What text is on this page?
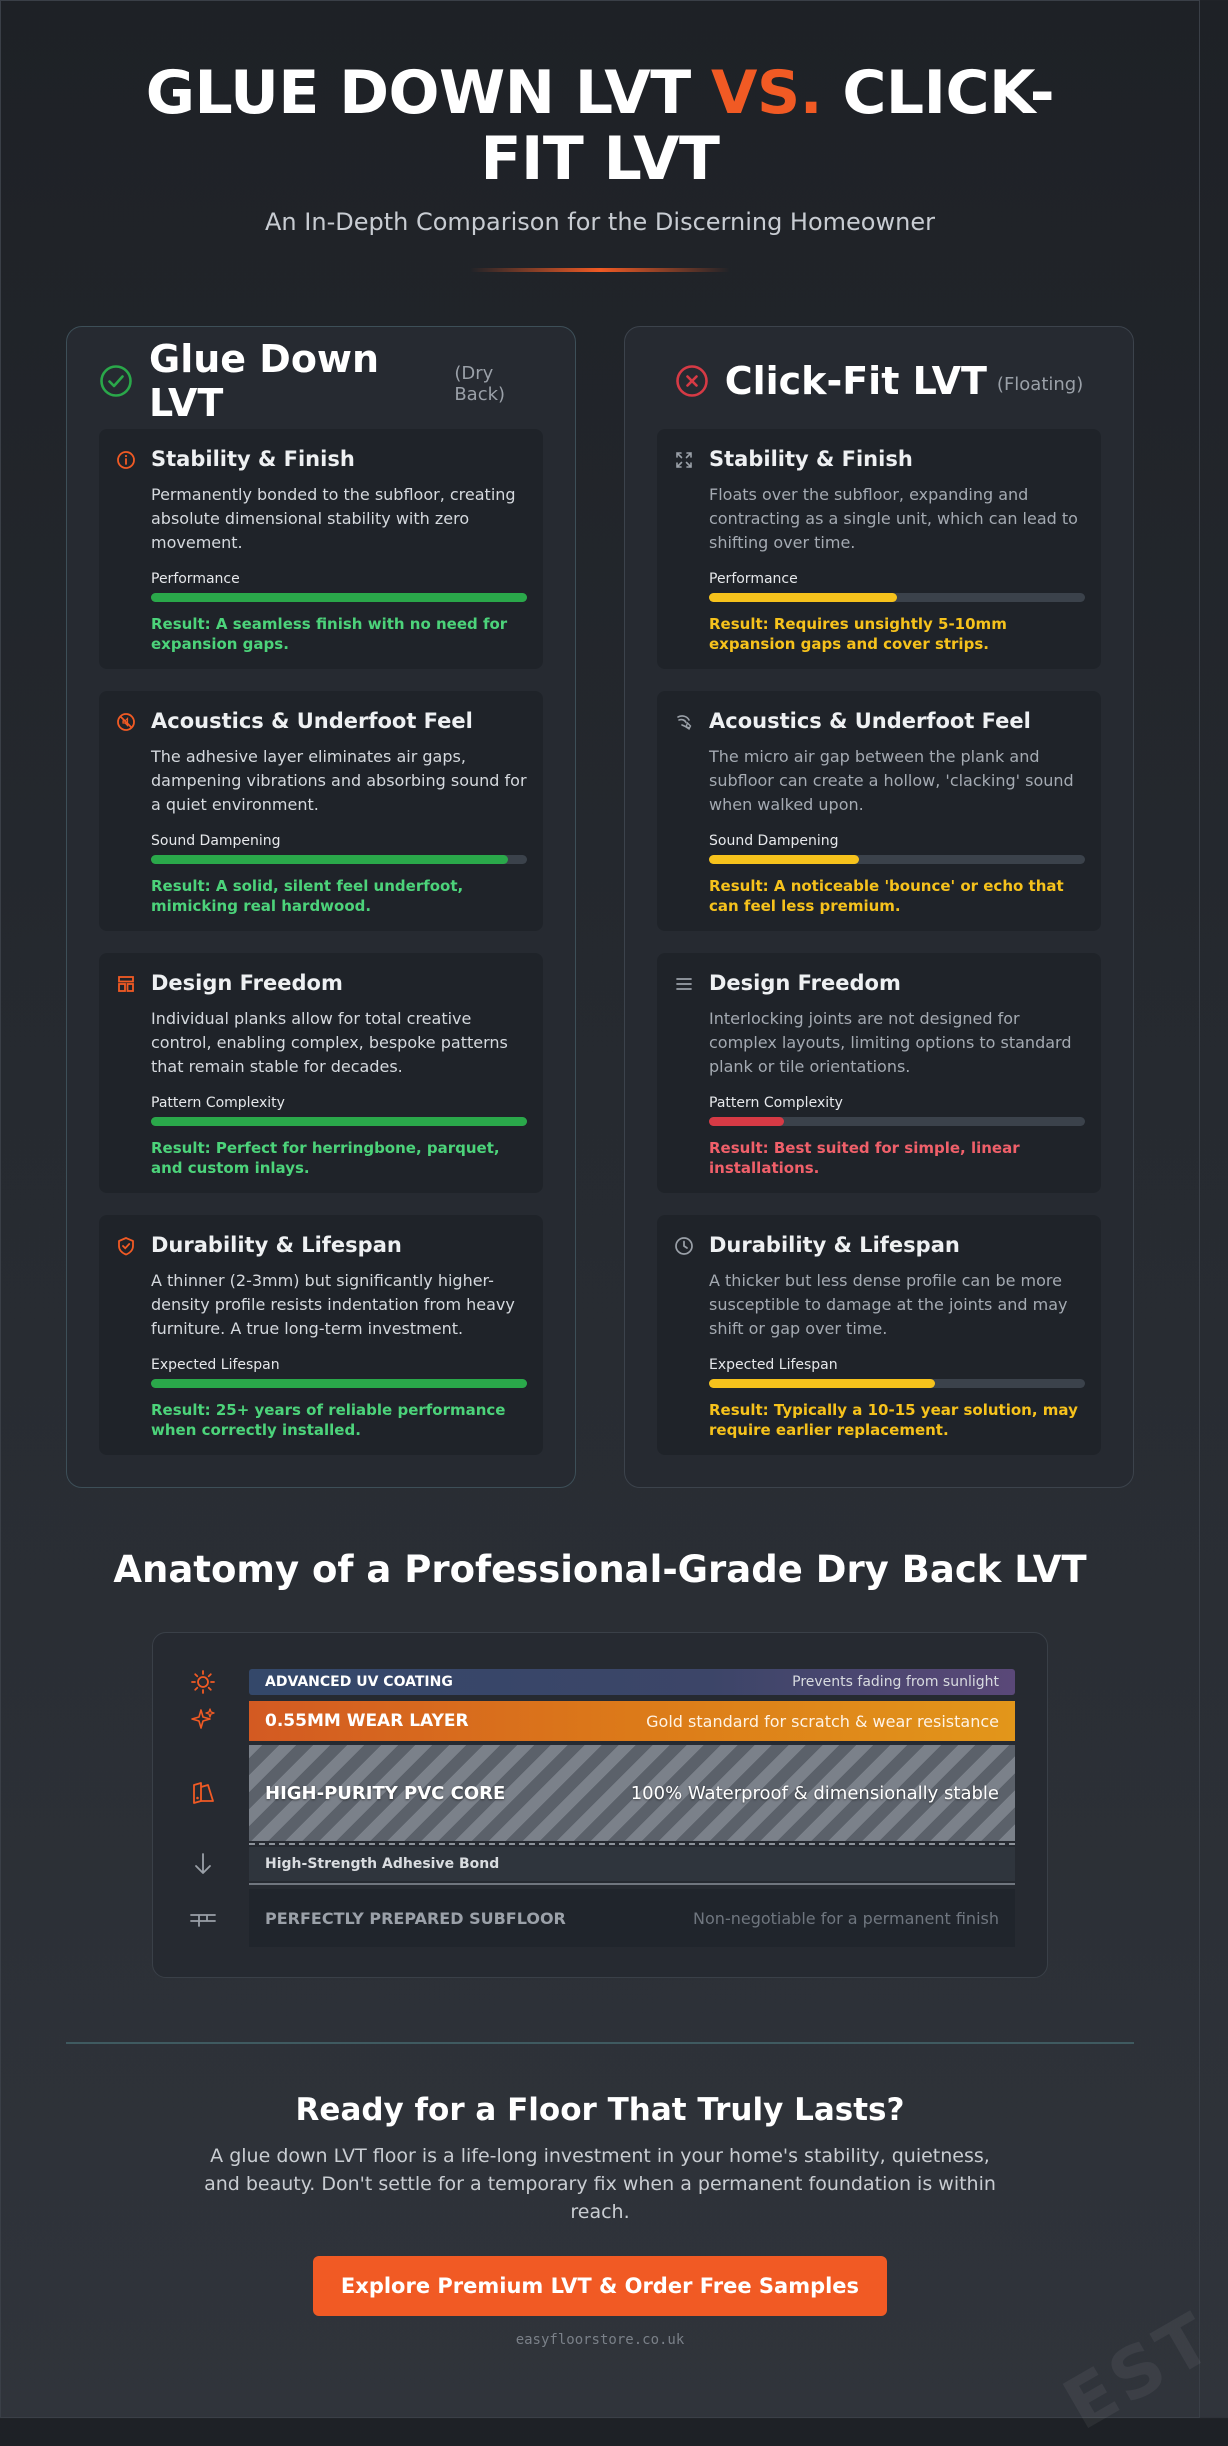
GLUE DOWN LVT VS. CLICK-FIT LVT
An In-Depth Comparison for the Discerning Homeowner
Glue Down LVT
(Dry Back)
Stability & Finish
Permanently bonded to the subfloor, creating absolute dimensional stability with zero movement.
Performance
Result: A seamless finish with no need for expansion gaps.
Acoustics & Underfoot Feel
The adhesive layer eliminates air gaps, dampening vibrations and absorbing sound for a quiet environment.
Sound Dampening
Result: A solid, silent feel underfoot, mimicking real hardwood.
Design Freedom
Individual planks allow for total creative control, enabling complex, bespoke patterns that remain stable for decades.
Pattern Complexity
Result: Perfect for herringbone, parquet, and custom inlays.
Durability & Lifespan
A thinner (2-3mm) but significantly higher-density profile resists indentation from heavy furniture. A true long-term investment.
Expected Lifespan
Result: 25+ years of reliable performance when correctly installed.
Click-Fit LVT (Floating)
Stability & Finish
Floats over the subfloor, expanding and contracting as a single unit, which can lead to shifting over time.
Performance
Result: Requires unsightly 5-10mm expansion gaps and cover strips.
Acoustics & Underfoot Feel
The micro air gap between the plank and subfloor can create a hollow, 'clacking' sound when walked upon.
Sound Dampening
Result: A noticeable 'bounce' or echo that can feel less premium.
Design Freedom
Interlocking joints are not designed for complex layouts, limiting options to standard plank or tile orientations.
Pattern Complexity
Result: Best suited for simple, linear installations.
Durability & Lifespan
A thicker but less dense profile can be more susceptible to damage at the joints and may shift or gap over time.
Expected Lifespan
Result: Typically a 10-15 year solution, may require earlier replacement.
Anatomy of a Professional-Grade Dry Back LVT
ADVANCED UV COATING	Prevents fading from sunlight
0.55MM WEAR LAYER	Gold standard for scratch & wear resistance
HIGH-PURITY PVC CORE	100% Waterproof & dimensionally stable
High-Strength Adhesive Bond
PERFECTLY PREPARED SUBFLOOR	Non-negotiable for a permanent finish
Ready for a Floor That Truly Lasts?

A glue down LVT floor is a life-long investment in your home's stability, quietness, and beauty. Don't settle for a temporary fix when a permanent foundation is within reach.

Explore Premium LVT & Order Free Samples
easyfloorstore.co.uk	EST
